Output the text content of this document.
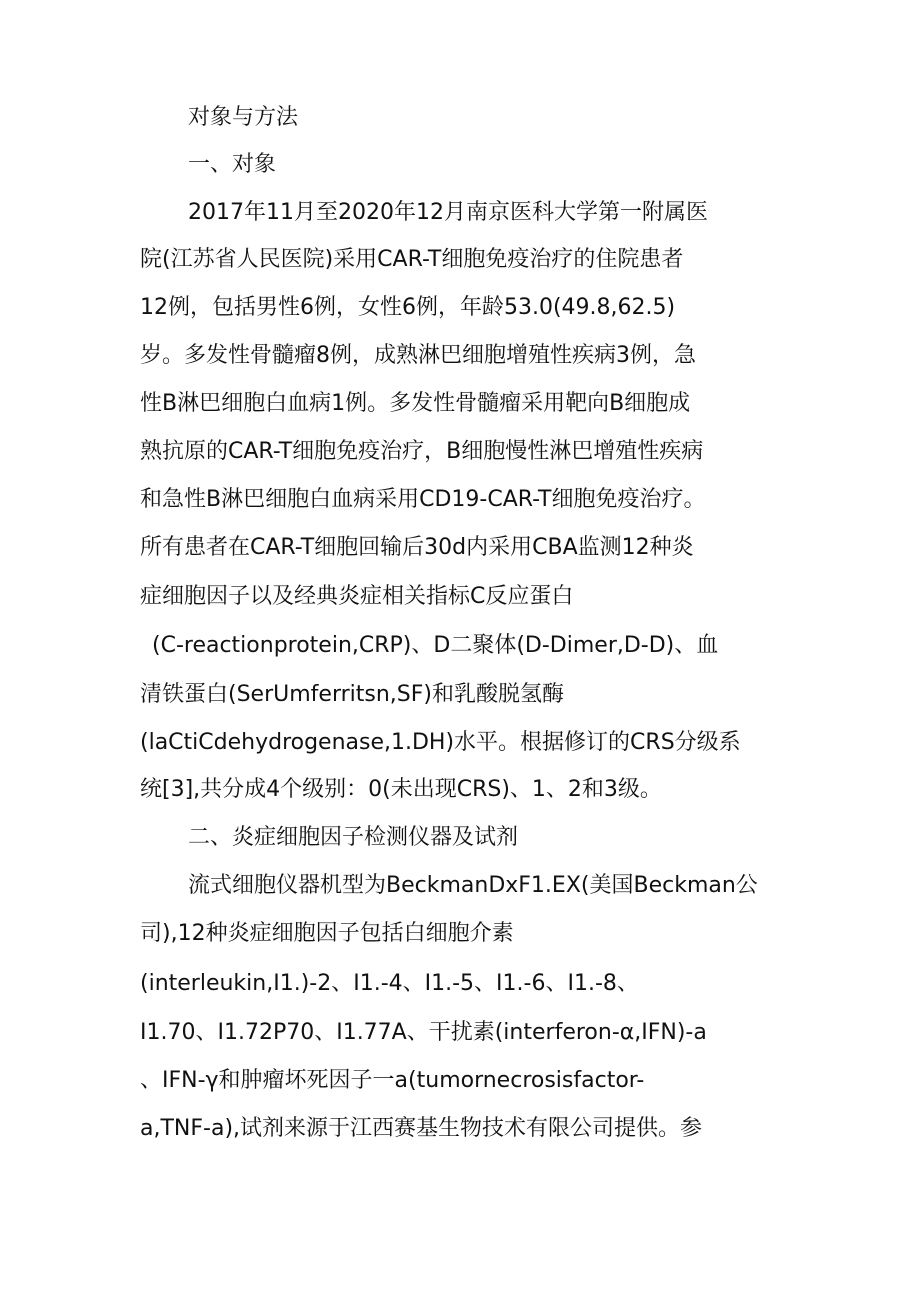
对象与方法
一、对象
2017年11月至2020年12月南京医科大学第一附属医
院(江苏省人民医院)采用CAR-T细胞免疫治疗的住院患者
12例，包括男性6例，女性6例，年龄53.0(49.8,62.5)
岁。多发性骨髓瘤8例，成熟淋巴细胞增殖性疾病3例，急
性B淋巴细胞白血病1例。多发性骨髓瘤采用靶向B细胞成
熟抗原的CAR-T细胞免疫治疗，B细胞慢性淋巴增殖性疾病
和急性B淋巴细胞白血病采用CD19-CAR-T细胞免疫治疗。
所有患者在CAR-T细胞回输后30d内采用CBA监测12种炎
症细胞因子以及经典炎症相关指标C反应蛋白
(C-reactionprotein,CRP)、D二聚体(D-Dimer,D-D)、血
清铁蛋白(SerUmferritsn,SF)和乳酸脱氢酶
(laCtiCdehydrogenase,1.DH)水平。根据修订的CRS分级系
统[3],共分成4个级别：0(未出现CRS)、1、2和3级。
二、炎症细胞因子检测仪器及试剂
流式细胞仪器机型为BeckmanDxF1.EX(美国Beckman公
司),12种炎症细胞因子包括白细胞介素
(interleukin,I1.)-2、I1.-4、I1.-5、I1.-6、I1.-8、
I1.70、I1.72P70、I1.77A、干扰素(interferon-α,IFN)-a
、IFN-γ和肿瘤坏死因子一a(tumornecrosisfactor-
a,TNF-a),试剂来源于江西赛基生物技术有限公司提供。参
